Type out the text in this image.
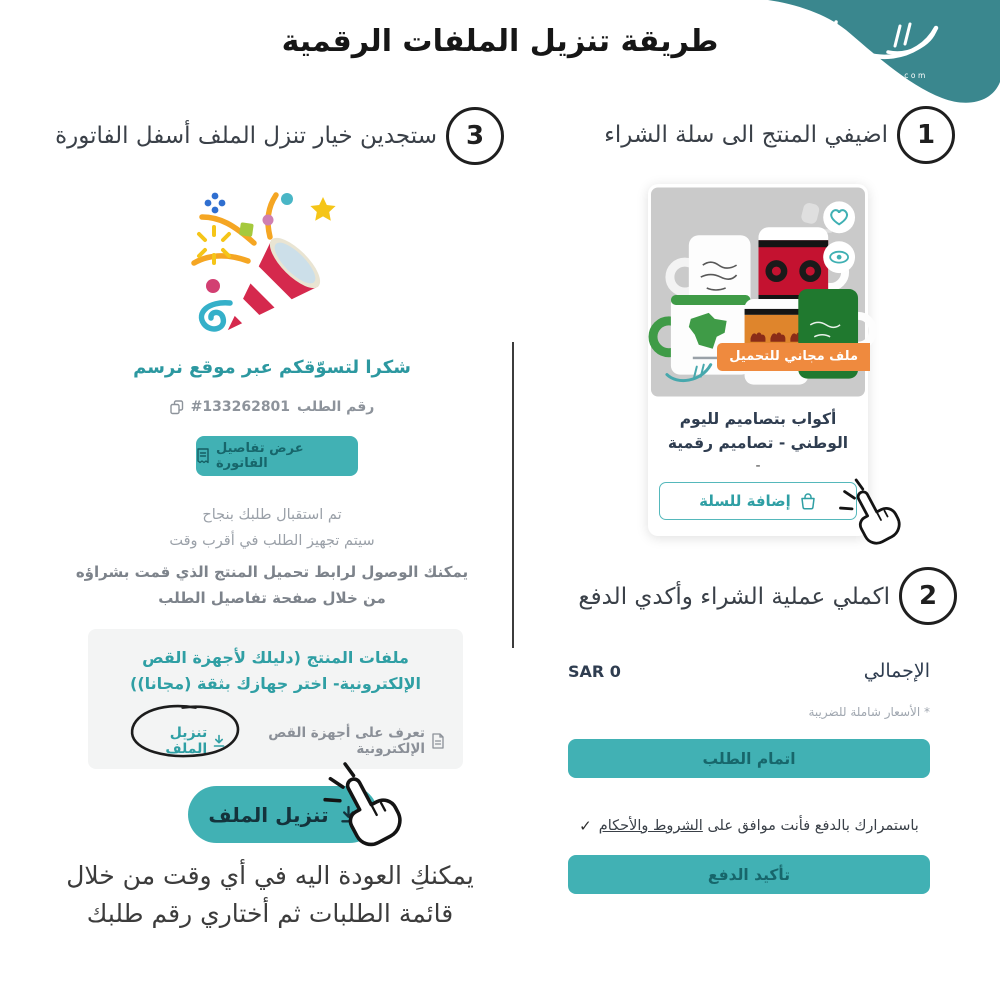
narsom.com
طريقة تنزيل الملفات الرقمية
1
اضيفي المنتج الى سلة الشراء
ملف مجاني للتحميل
أكواب بتصاميم لليوم الوطني - تصاميم رقمية
-
إضافة للسلة
2
اكملي عملية الشراء وأكدي الدفع
الإجمالي
SAR 0
* الأسعار شاملة للضريبة
اتمام الطلب
✓	باستمرارك بالدفع فأنت موافق على الشروط والأحكام
تأكيد الدفع
3
ستجدين خيار تنزل الملف أسفل الفاتورة
شكرا لتسوّقكم عبر موقع نرسم
رقم الطلب
#133262801
عرض تفاصيل الفاتورة
تم استقبال طلبك بنجاح
سيتم تجهيز الطلب في أقرب وقت
يمكنك الوصول لرابط تحميل المنتج الذي قمت بشراؤه من خلال صفحة تفاصيل الطلب
ملفات المنتج (دليلك لأجهزة القص الإلكترونية- اختر جهازك بثقة (مجانا))
تعرف على أجهزة القص الإلكترونية
تنزيل الملف
تنزيل الملف
يمكنكِ العودة اليه في أي وقت من خلال
قائمة الطلبات ثم أختاري رقم طلبك
